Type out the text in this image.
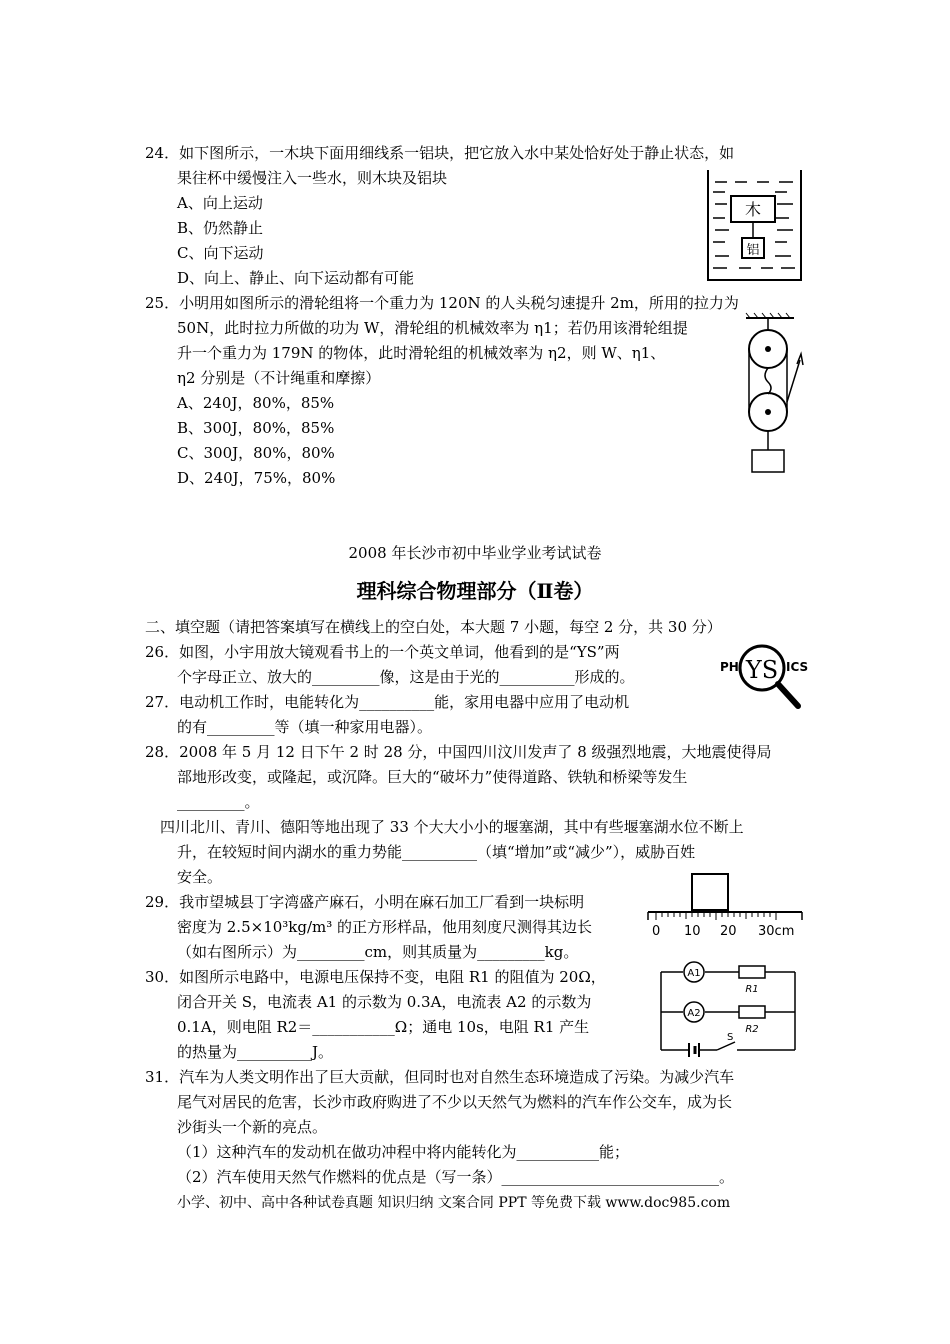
24．如下图所示，一木块下面用细线系一铝块，把它放入水中某处恰好处于静止状态，如
果往杯中缓慢注入一些水，则木块及铝块
A、向上运动
B、仍然静止
C、向下运动
D、向上、静止、向下运动都有可能
木
铝
25．小明用如图所示的滑轮组将一个重力为 120N 的人头税匀速提升 2m，所用的拉力为
50N，此时拉力所做的功为 W，滑轮组的机械效率为 η1；若仍用该滑轮组提
升一个重力为 179N 的物体，此时滑轮组的机械效率为 η2，则 W、η1、
η2 分别是（不计绳重和摩擦）
A、240J，80%，85%
B、300J，80%，85%
C、300J，80%，80%
D、240J，75%，80%
2008 年长沙市初中毕业学业考试试卷
理科综合物理部分（Ⅱ卷）
二、填空题（请把答案填写在横线上的空白处，本大题 7 小题，每空 2 分，共 30 分）
26．如图，小宇用放大镜观看书上的一个英文单词，他看到的是“YS”两
个字母正立、放大的_________像，这是由于光的__________形成的。
PH YS ICS
27．电动机工作时，电能转化为__________能，家用电器中应用了电动机
的有_________等（填一种家用电器）。
28．2008 年 5 月 12 日下午 2 时 28 分，中国四川汶川发声了 8 级强烈地震，大地震使得局
部地形改变，或隆起，或沉降。巨大的“破坏力”使得道路、铁轨和桥梁等发生
_________。
四川北川、青川、德阳等地出现了 33 个大大小小的堰塞湖，其中有些堰塞湖水位不断上
升，在较短时间内湖水的重力势能__________（填“增加”或“减少”），威胁百姓
安全。
29．我市望城县丁字湾盛产麻石，小明在麻石加工厂看到一块标明
密度为 2.5×10³kg/m³ 的正方形样品，他用刻度尺测得其边长
（如右图所示）为_________cm，则其质量为_________kg。
0 10 20 30cm
30．如图所示电路中，电源电压保持不变，电阻 R1 的阻值为 20Ω，
闭合开关 S，电流表 A1 的示数为 0.3A，电流表 A2 的示数为
0.1A，则电阻 R2＝___________Ω；通电 10s，电阻 R1 产生
的热量为__________J。
A1
A2
R1
R2
S
31．汽车为人类文明作出了巨大贡献，但同时也对自然生态环境造成了污染。为减少汽车
尾气对居民的危害，长沙市政府购进了不少以天然气为燃料的汽车作公交车，成为长
沙街头一个新的亮点。
（1）这种汽车的发动机在做功冲程中将内能转化为___________能；
（2）汽车使用天然气作燃料的优点是（写一条）_____________________________。
小学、初中、高中各种试卷真题 知识归纳 文案合同 PPT 等免费下载 www.doc985.com
